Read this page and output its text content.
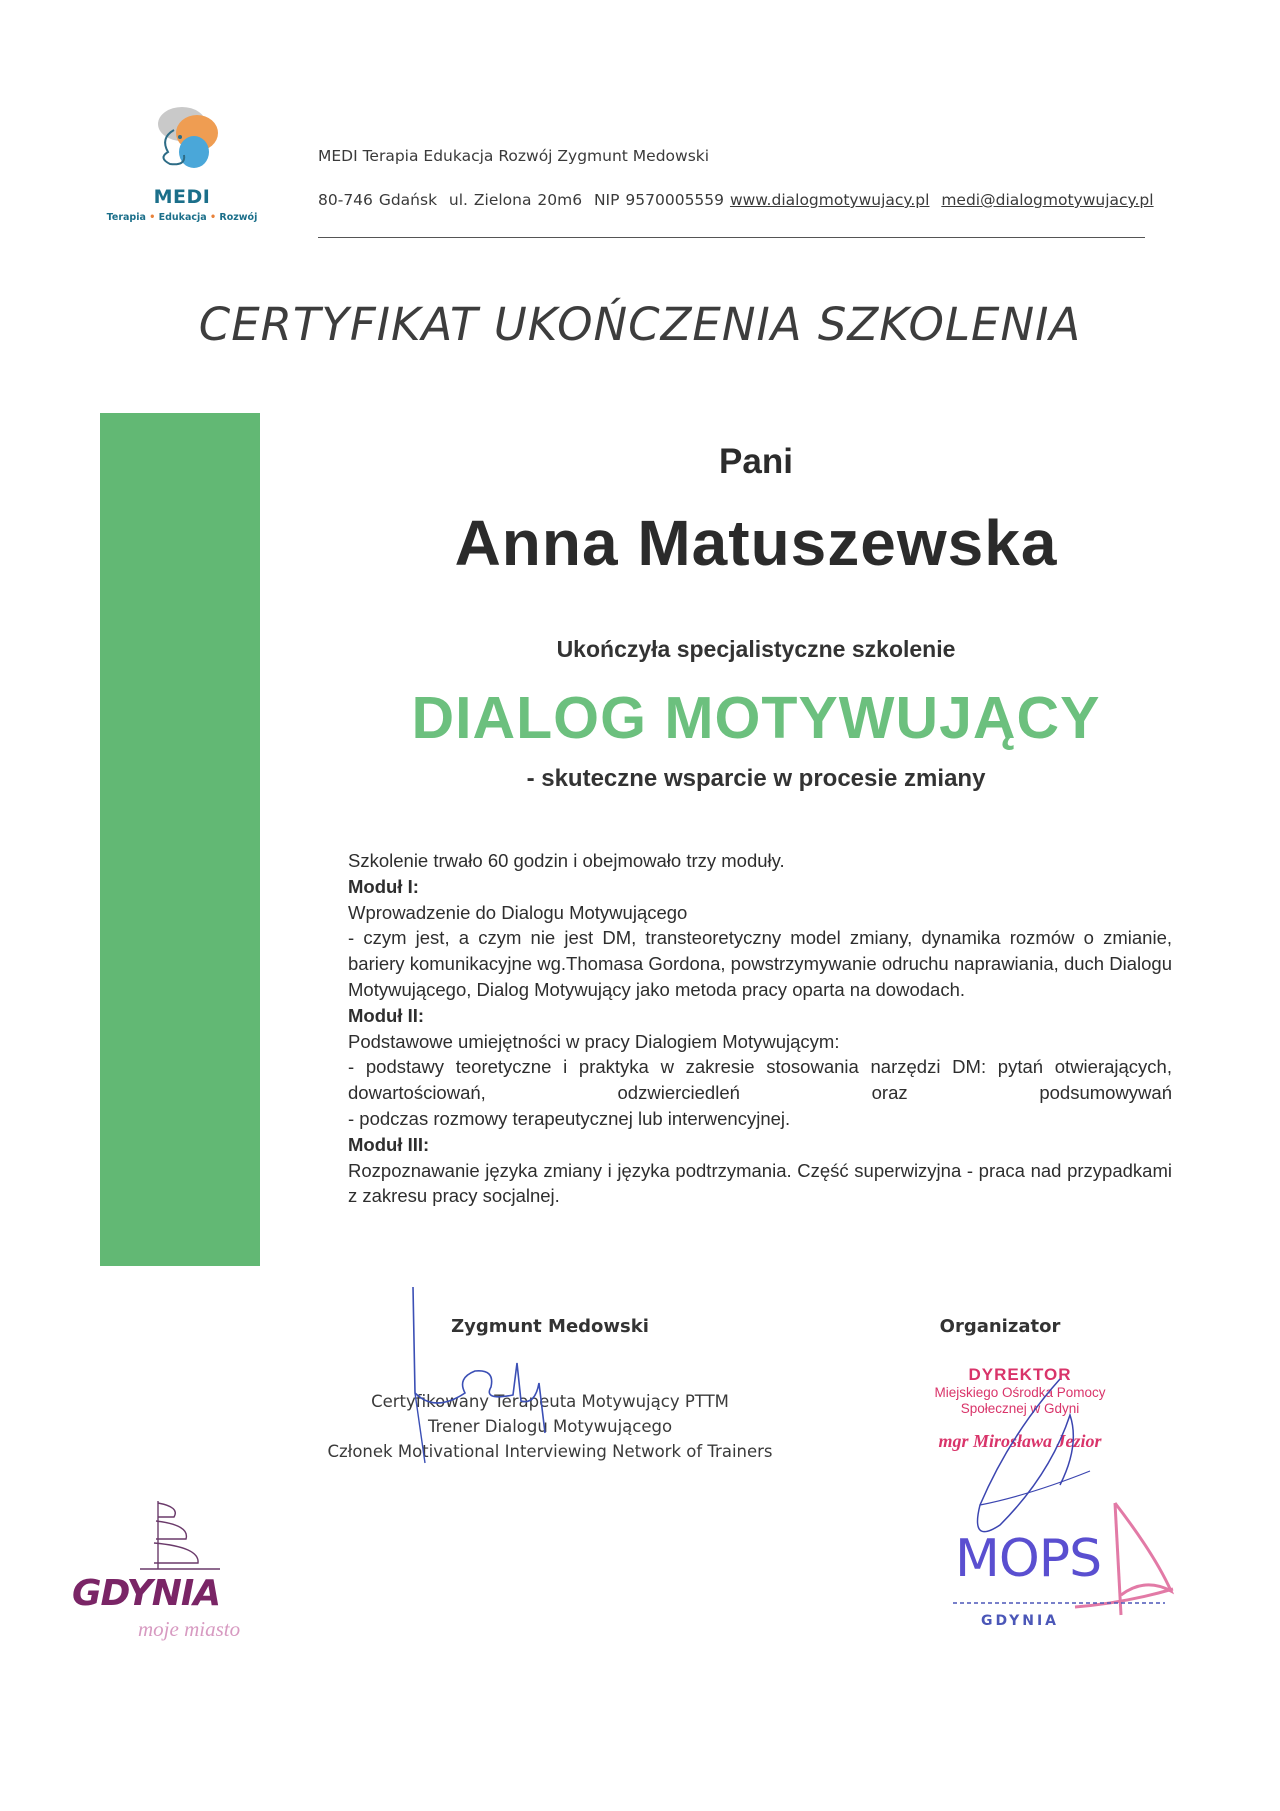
MEDI
Terapia • Edukacja • Rozwój
MEDI Terapia Edukacja Rozwój Zygmunt Medowski
80-746 Gdańsk ul. Zielona 20m6 NIP 9570005559 www.dialogmotywujacy.pl medi@dialogmotywujacy.pl
CERTYFIKAT UKOŃCZENIA SZKOLENIA
Pani
Anna Matuszewska
Ukończyła specjalistyczne szkolenie
DIALOG MOTYWUJĄCY
- skuteczne wsparcie w procesie zmiany

Szkolenie trwało 60 godzin i obejmowało trzy moduły.

Moduł I:

Wprowadzenie do Dialogu Motywującego

- czym jest, a czym nie jest DM, transteoretyczny model zmiany, dynamika rozmów o zmianie, bariery komunikacyjne wg.Thomasa Gordona, powstrzymywanie odruchu naprawiania, duch Dialogu Motywującego, Dialog Motywujący jako metoda pracy oparta na dowodach.

Moduł II:

Podstawowe umiejętności w pracy Dialogiem Motywującym:

- podstawy teoretyczne i praktyka w zakresie stosowania narzędzi DM: pytań otwierających, dowartościowań, odzwierciedleń oraz podsumowywań

- podczas rozmowy terapeutycznej lub interwencyjnej.

Moduł III:

Rozpoznawanie języka zmiany i języka podtrzymania. Część superwizyjna - praca nad przypadkami z zakresu pracy socjalnej.

Zygmunt Medowski
Certyfikowany Terapeuta Motywujący PTTM
Trener Dialogu Motywującego
Członek Motivational Interviewing Network of Trainers
Organizator
DYREKTOR
Miejskiego Ośrodka Pomocy
Społecznej w Gdyni
mgr Mirosława Jezior
MOPS
GDYNIA
GDYNIA
moje miasto
